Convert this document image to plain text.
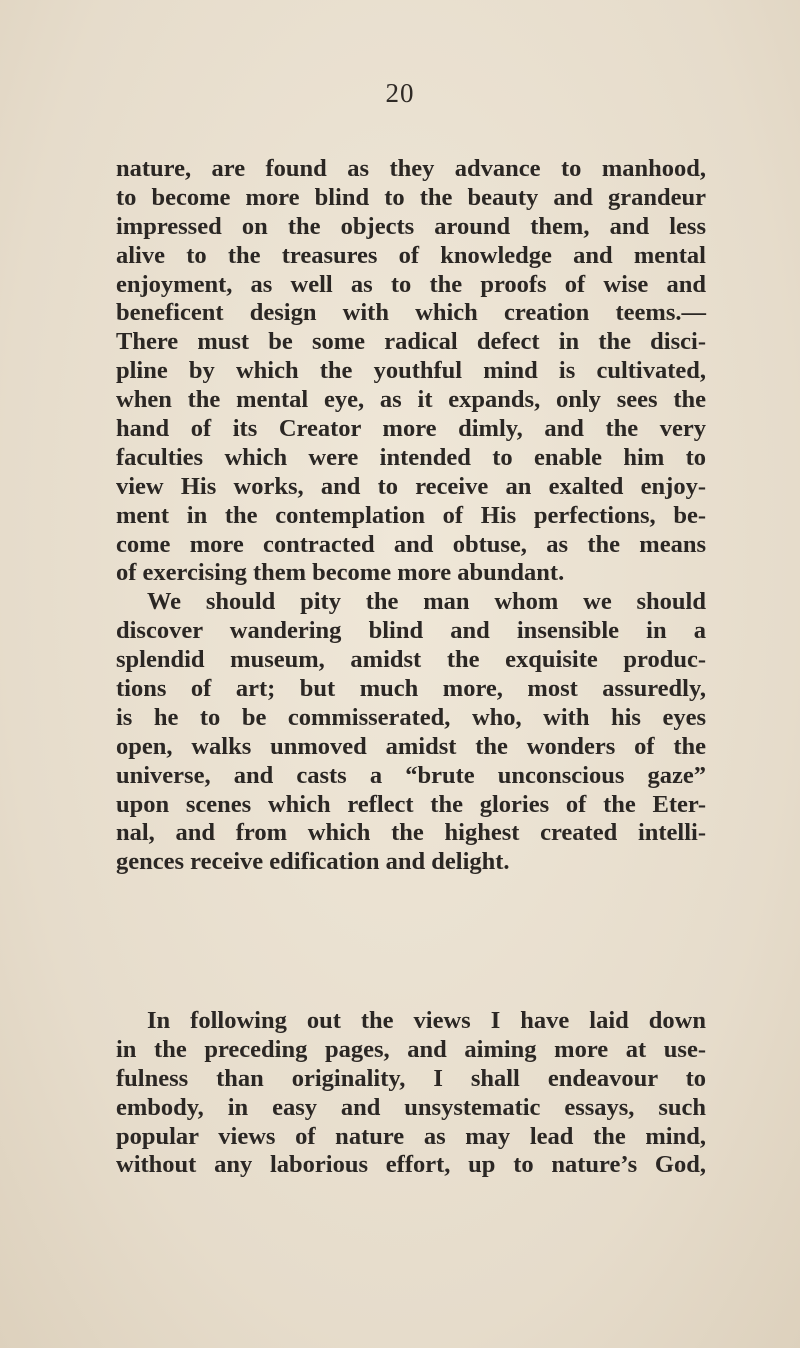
20
nature, are found as they advance to manhood,
to become more blind to the beauty and grandeur
impressed on the objects around them, and less
alive to the treasures of knowledge and mental
enjoyment, as well as to the proofs of wise and
beneficent design with which creation teems.—
There must be some radical defect in the disci-
pline by which the youthful mind is cultivated,
when the mental eye, as it expands, only sees the
hand of its Creator more dimly, and the very
faculties which were intended to enable him to
view His works, and to receive an exalted enjoy-
ment in the contemplation of His perfections, be-
come more contracted and obtuse, as the means
of exercising them become more abundant.
We should pity the man whom we should
discover wandering blind and insensible in a
splendid museum, amidst the exquisite produc-
tions of art; but much more, most assuredly,
is he to be commisserated, who, with his eyes
open, walks unmoved amidst the wonders of the
universe, and casts a “brute unconscious gaze”
upon scenes which reflect the glories of the Eter-
nal, and from which the highest created intelli-
gences receive edification and delight.
In following out the views I have laid down
in the preceding pages, and aiming more at use-
fulness than originality, I shall endeavour to
embody, in easy and unsystematic essays, such
popular views of nature as may lead the mind,
without any laborious effort, up to nature’s God,
